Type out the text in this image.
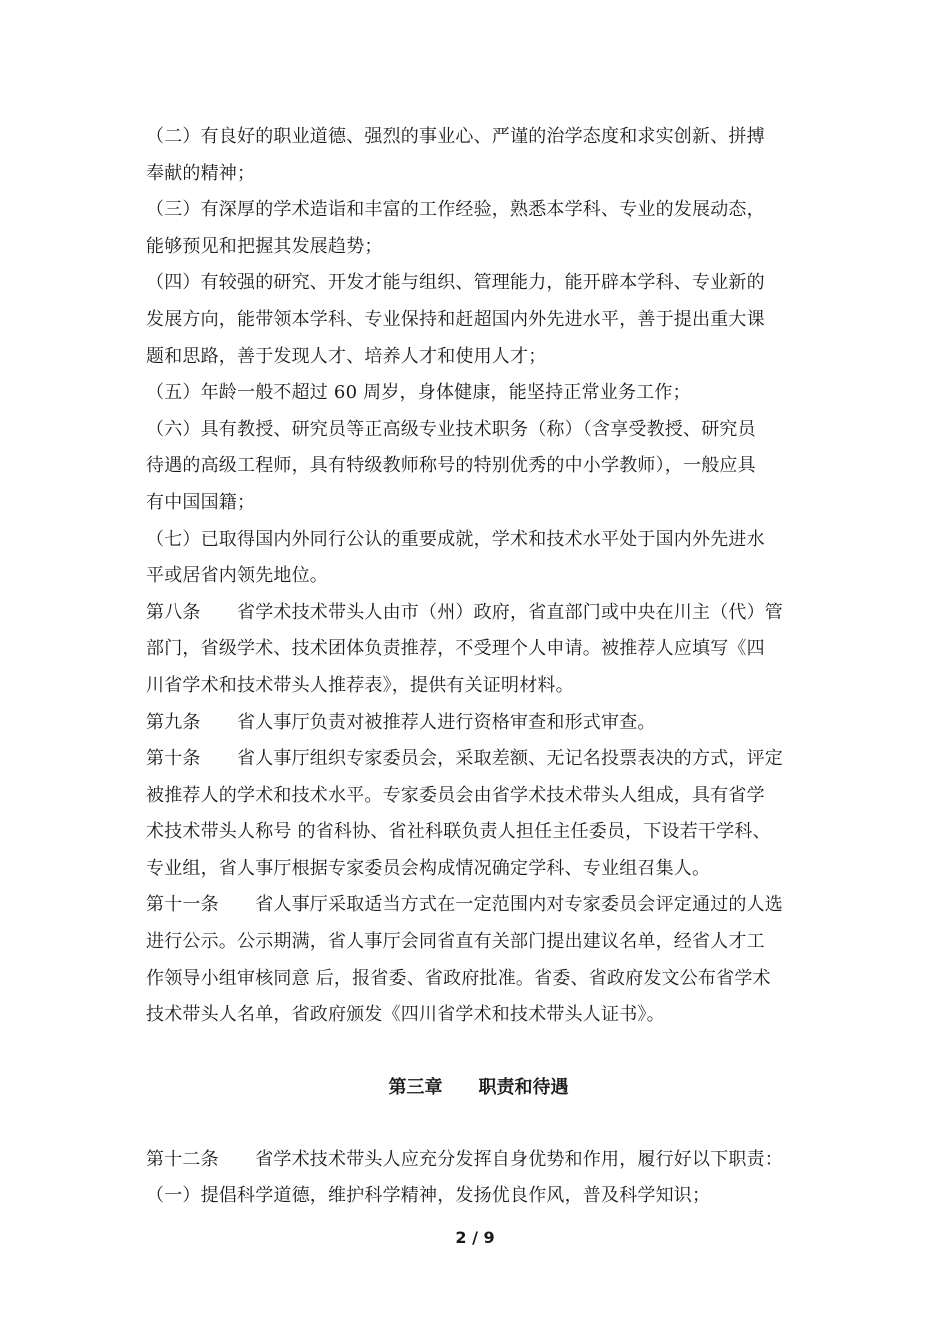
（二）有良好的职业道德、强烈的事业心、严谨的治学态度和求实创新、拼搏
奉献的精神；
（三）有深厚的学术造诣和丰富的工作经验，熟悉本学科、专业的发展动态，
能够预见和把握其发展趋势；
（四）有较强的研究、开发才能与组织、管理能力，能开辟本学科、专业新的
发展方向，能带领本学科、专业保持和赶超国内外先进水平，善于提出重大课
题和思路，善于发现人才、培养人才和使用人才；
（五）年龄一般不超过 60 周岁，身体健康，能坚持正常业务工作；
（六）具有教授、研究员等正高级专业技术职务（称）（含享受教授、研究员
待遇的高级工程师，具有特级教师称号的特别优秀的中小学教师），一般应具
有中国国籍；
（七）已取得国内外同行公认的重要成就，学术和技术水平处于国内外先进水
平或居省内领先地位。
第八条　　省学术技术带头人由市（州）政府，省直部门或中央在川主（代）管
部门，省级学术、技术团体负责推荐，不受理个人申请。被推荐人应填写《四
川省学术和技术带头人推荐表》，提供有关证明材料。
第九条　　省人事厅负责对被推荐人进行资格审查和形式审查。
第十条　　省人事厅组织专家委员会，采取差额、无记名投票表决的方式，评定
被推荐人的学术和技术水平。专家委员会由省学术技术带头人组成，具有省学
术技术带头人称号 的省科协、省社科联负责人担任主任委员，下设若干学科、
专业组，省人事厅根据专家委员会构成情况确定学科、专业组召集人。
第十一条　　省人事厅采取适当方式在一定范围内对专家委员会评定通过的人选
进行公示。公示期满，省人事厅会同省直有关部门提出建议名单，经省人才工
作领导小组审核同意 后，报省委、省政府批准。省委、省政府发文公布省学术
技术带头人名单，省政府颁发《四川省学术和技术带头人证书》。
第三章　　职责和待遇
第十二条　　省学术技术带头人应充分发挥自身优势和作用，履行好以下职责：
（一）提倡科学道德，维护科学精神，发扬优良作风，普及科学知识；
2 / 9
